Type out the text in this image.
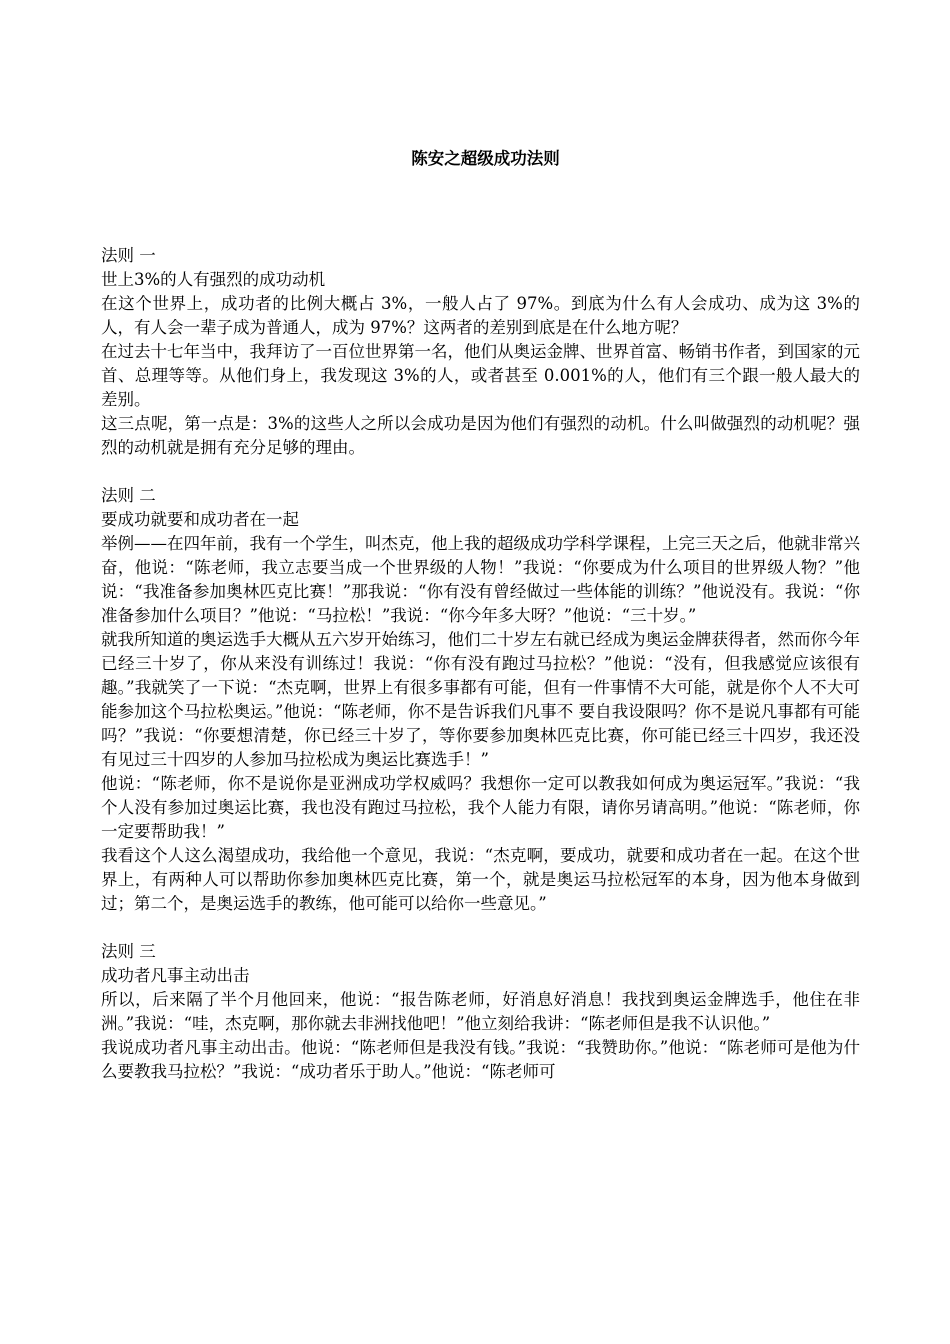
陈安之超级成功法则

法则 一

世上3%的人有强烈的成功动机

在这个世界上，成功者的比例大概占 3%，一般人占了 97%。到底为什么有人会成功、成为这 3%的人，有人会一辈子成为普通人，成为 97%？这两者的差别到底是在什么地方呢？

在过去十七年当中，我拜访了一百位世界第一名，他们从奥运金牌、世界首富、畅销书作者，到国家的元首、总理等等。从他们身上，我发现这 3%的人，或者甚至 0.001%的人，他们有三个跟一般人最大的差别。

这三点呢，第一点是：3%的这些人之所以会成功是因为他们有强烈的动机。什么叫做强烈的动机呢？强烈的动机就是拥有充分足够的理由。

法则 二

要成功就要和成功者在一起

举例——在四年前，我有一个学生，叫杰克，他上我的超级成功学科学课程，上完三天之后，他就非常兴奋，他说：“陈老师，我立志要当成一个世界级的人物！”我说：“你要成为什么项目的世界级人物？”他说：“我准备参加奥林匹克比赛！”那我说：“你有没有曾经做过一些体能的训练？”他说没有。我说：“你准备参加什么项目？”他说：“马拉松！”我说：“你今年多大呀？”他说：“三十岁。”

就我所知道的奥运选手大概从五六岁开始练习，他们二十岁左右就已经成为奥运金牌获得者，然而你今年已经三十岁了，你从来没有训练过！我说：“你有没有跑过马拉松？”他说：“没有，但我感觉应该很有趣。”我就笑了一下说：“杰克啊，世界上有很多事都有可能，但有一件事情不大可能，就是你个人不大可能参加这个马拉松奥运。”他说：“陈老师，你不是告诉我们凡事不 要自我设限吗？你不是说凡事都有可能吗？”我说：“你要想清楚，你已经三十岁了，等你要参加奥林匹克比赛，你可能已经三十四岁，我还没有见过三十四岁的人参加马拉松成为奥运比赛选手！”

他说：“陈老师，你不是说你是亚洲成功学权威吗？我想你一定可以教我如何成为奥运冠军。”我说：“我个人没有参加过奥运比赛，我也没有跑过马拉松，我个人能力有限，请你另请高明。”他说：“陈老师，你一定要帮助我！”

我看这个人这么渴望成功，我给他一个意见，我说：“杰克啊，要成功，就要和成功者在一起。在这个世界上，有两种人可以帮助你参加奥林匹克比赛，第一个，就是奥运马拉松冠军的本身，因为他本身做到过；第二个，是奥运选手的教练，他可能可以给你一些意见。”

法则 三

成功者凡事主动出击

所以，后来隔了半个月他回来，他说：“报告陈老师，好消息好消息！我找到奥运金牌选手，他住在非洲。”我说：“哇，杰克啊，那你就去非洲找他吧！”他立刻给我讲：“陈老师但是我不认识他。”

我说成功者凡事主动出击。他说：“陈老师但是我没有钱。”我说：“我赞助你。”他说：“陈老师可是他为什么要教我马拉松？”我说：“成功者乐于助人。”他说：“陈老师可
